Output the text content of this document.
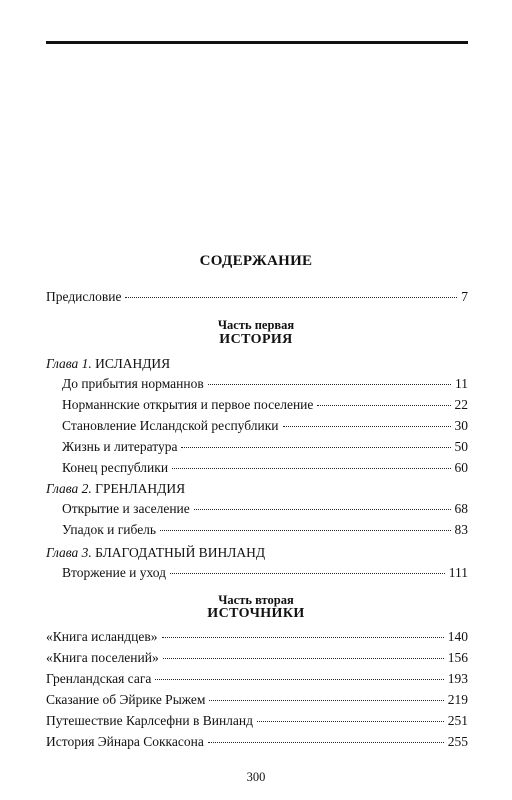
СОДЕРЖАНИЕ
Предисловие	7
Часть первая
ИСТОРИЯ
Глава 1. ИСЛАНДИЯ
До прибытия норманнов	11
Норманнские открытия и первое поселение	22
Становление Исландской республики	30
Жизнь и литература	50
Конец республики	60
Глава 2. ГРЕНЛАНДИЯ
Открытие и заселение	68
Упадок и гибель	83
Глава 3. БЛАГОДАТНЫЙ ВИНЛАНД
Вторжение и уход	111
Часть вторая
ИСТОЧНИКИ
«Книга исландцев»	140
«Книга поселений»	156
Гренландская сага	193
Сказание об Эйрике Рыжем	219
Путешествие Карлсефни в Винланд	251
История Эйнара Соккасона	255
300
